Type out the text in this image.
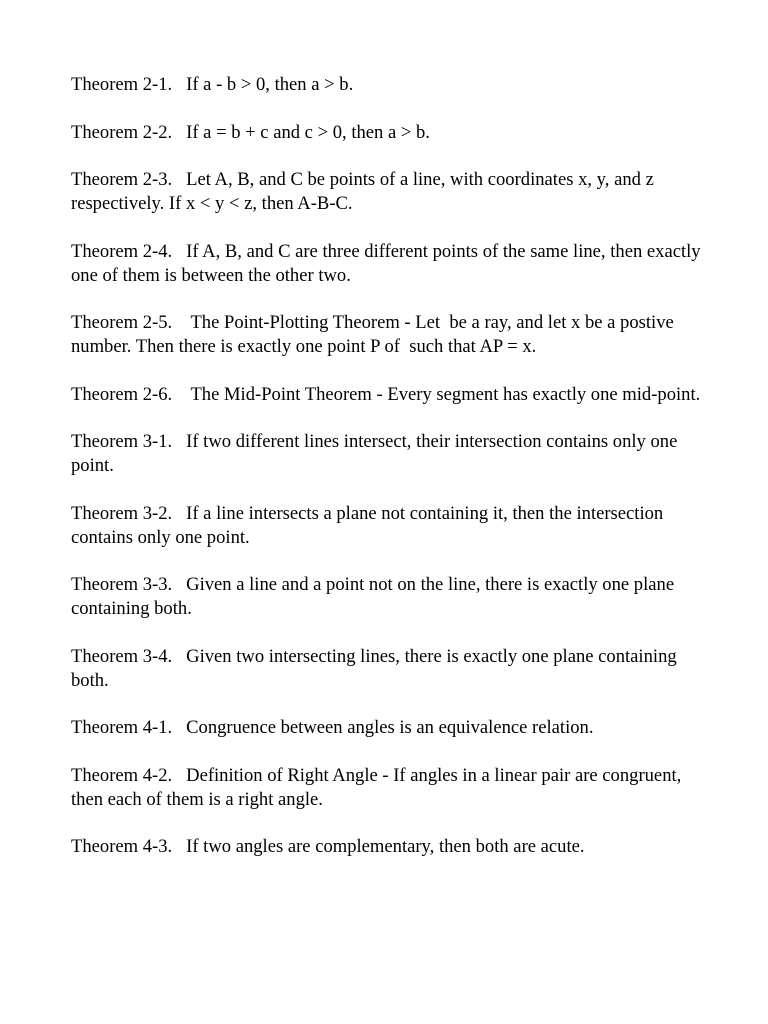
Theorem 2-1.   If a - b > 0, then a > b.

Theorem 2-2.   If a = b + c and c > 0, then a > b.

Theorem 2-3.   Let A, B, and C be points of a line, with coordinates x, y, and z respectively. If x < y < z, then A-B-C.

Theorem 2-4.   If A, B, and C are three different points of the same line, then exactly one of them is between the other two.

Theorem 2-5.    The Point-Plotting Theorem - Let  be a ray, and let x be a postive number. Then there is exactly one point P of  such that AP = x.

Theorem 2-6.    The Mid-Point Theorem - Every segment has exactly one mid-point.

Theorem 3-1.   If two different lines intersect, their intersection contains only one point.

Theorem 3-2.   If a line intersects a plane not containing it, then the intersection contains only one point.

Theorem 3-3.   Given a line and a point not on the line, there is exactly one plane containing both.

Theorem 3-4.   Given two intersecting lines, there is exactly one plane containing both.

Theorem 4-1.   Congruence between angles is an equivalence relation.

Theorem 4-2.   Definition of Right Angle - If angles in a linear pair are congruent, then each of them is a right angle.

Theorem 4-3.   If two angles are complementary, then both are acute.
